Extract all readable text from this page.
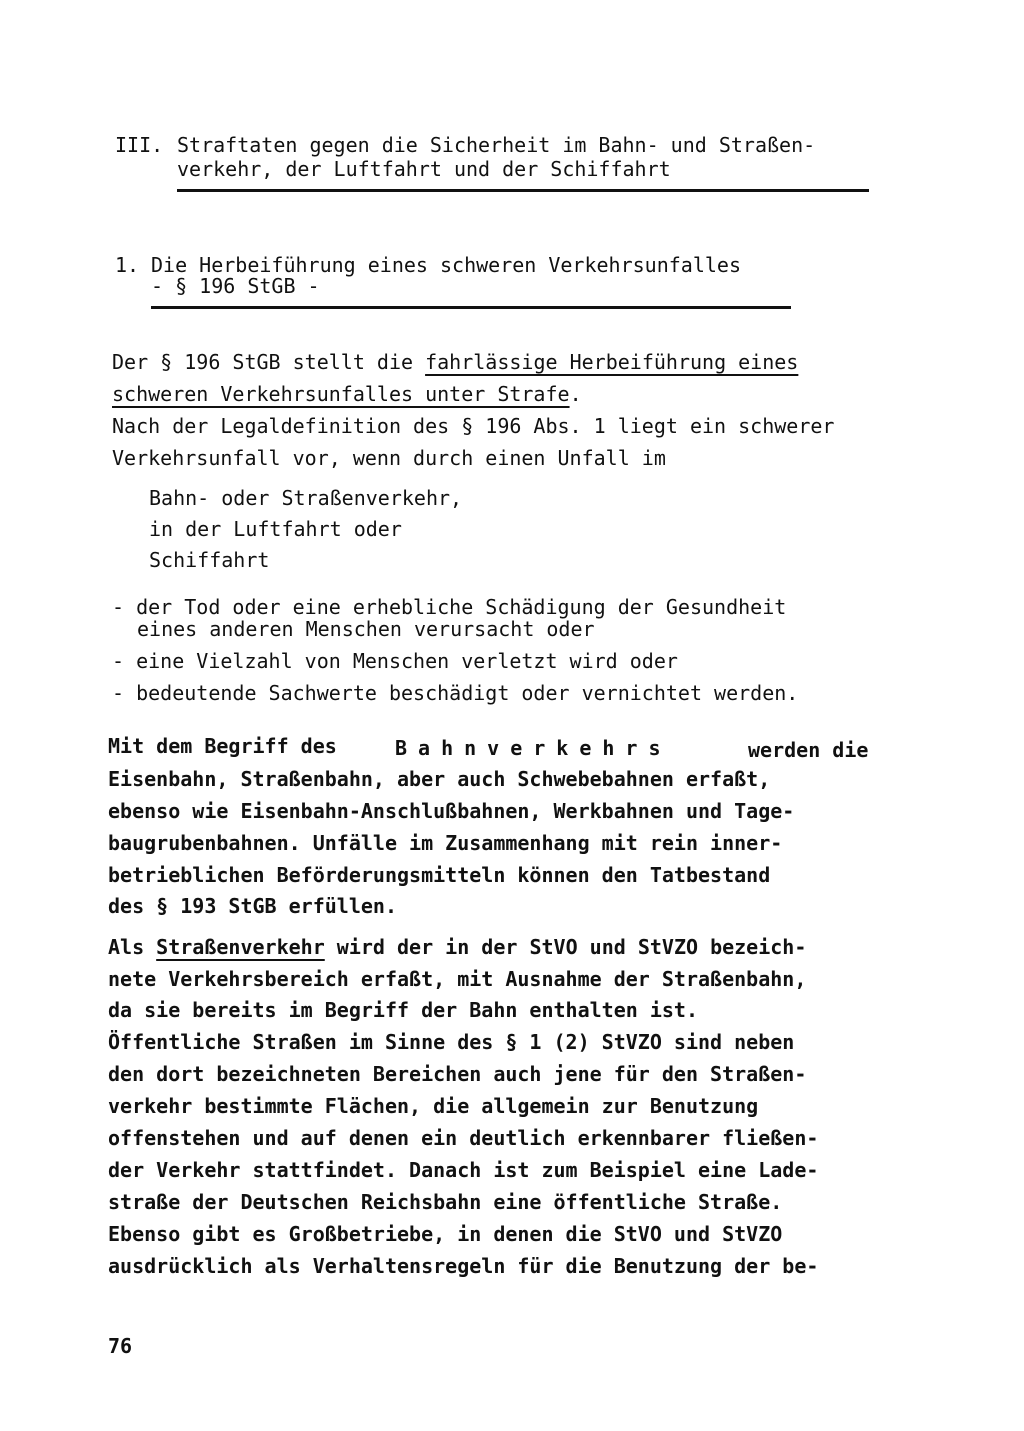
III. Straftaten gegen die Sicherheit im Bahn- und Straßen-
verkehr, der Luftfahrt und der Schiffahrt
1. Die Herbeiführung eines schweren Verkehrsunfalles
- § 196 StGB -
Der § 196 StGB stellt die fahrlässige Herbeiführung eines
schweren Verkehrsunfalles unter Strafe.
Nach der Legaldefinition des § 196 Abs. 1 liegt ein schwerer
Verkehrsunfall vor, wenn durch einen Unfall im
Bahn- oder Straßenverkehr,
in der Luftfahrt oder
Schiffahrt
- der Tod oder eine erhebliche Schädigung der Gesundheit
eines anderen Menschen verursacht oder
- eine Vielzahl von Menschen verletzt wird oder
- bedeutende Sachwerte beschädigt oder vernichtet werden.
Mit dem Begriff des	Bahnverkehrs	werden die
Eisenbahn, Straßenbahn, aber auch Schwebebahnen erfaßt,
ebenso wie Eisenbahn-Anschlußbahnen, Werkbahnen und Tage-
baugrubenbahnen. Unfälle im Zusammenhang mit rein inner-
betrieblichen Beförderungsmitteln können den Tatbestand
des § 193 StGB erfüllen.
Als Straßenverkehr wird der in der StVO und StVZO bezeich-
nete Verkehrsbereich erfaßt, mit Ausnahme der Straßenbahn,
da sie bereits im Begriff der Bahn enthalten ist.
Öffentliche Straßen im Sinne des § 1 (2) StVZO sind neben
den dort bezeichneten Bereichen auch jene für den Straßen-
verkehr bestimmte Flächen, die allgemein zur Benutzung
offenstehen und auf denen ein deutlich erkennbarer fließen-
der Verkehr stattfindet. Danach ist zum Beispiel eine Lade-
straße der Deutschen Reichsbahn eine öffentliche Straße.
Ebenso gibt es Großbetriebe, in denen die StVO und StVZO
ausdrücklich als Verhaltensregeln für die Benutzung der be-
76
